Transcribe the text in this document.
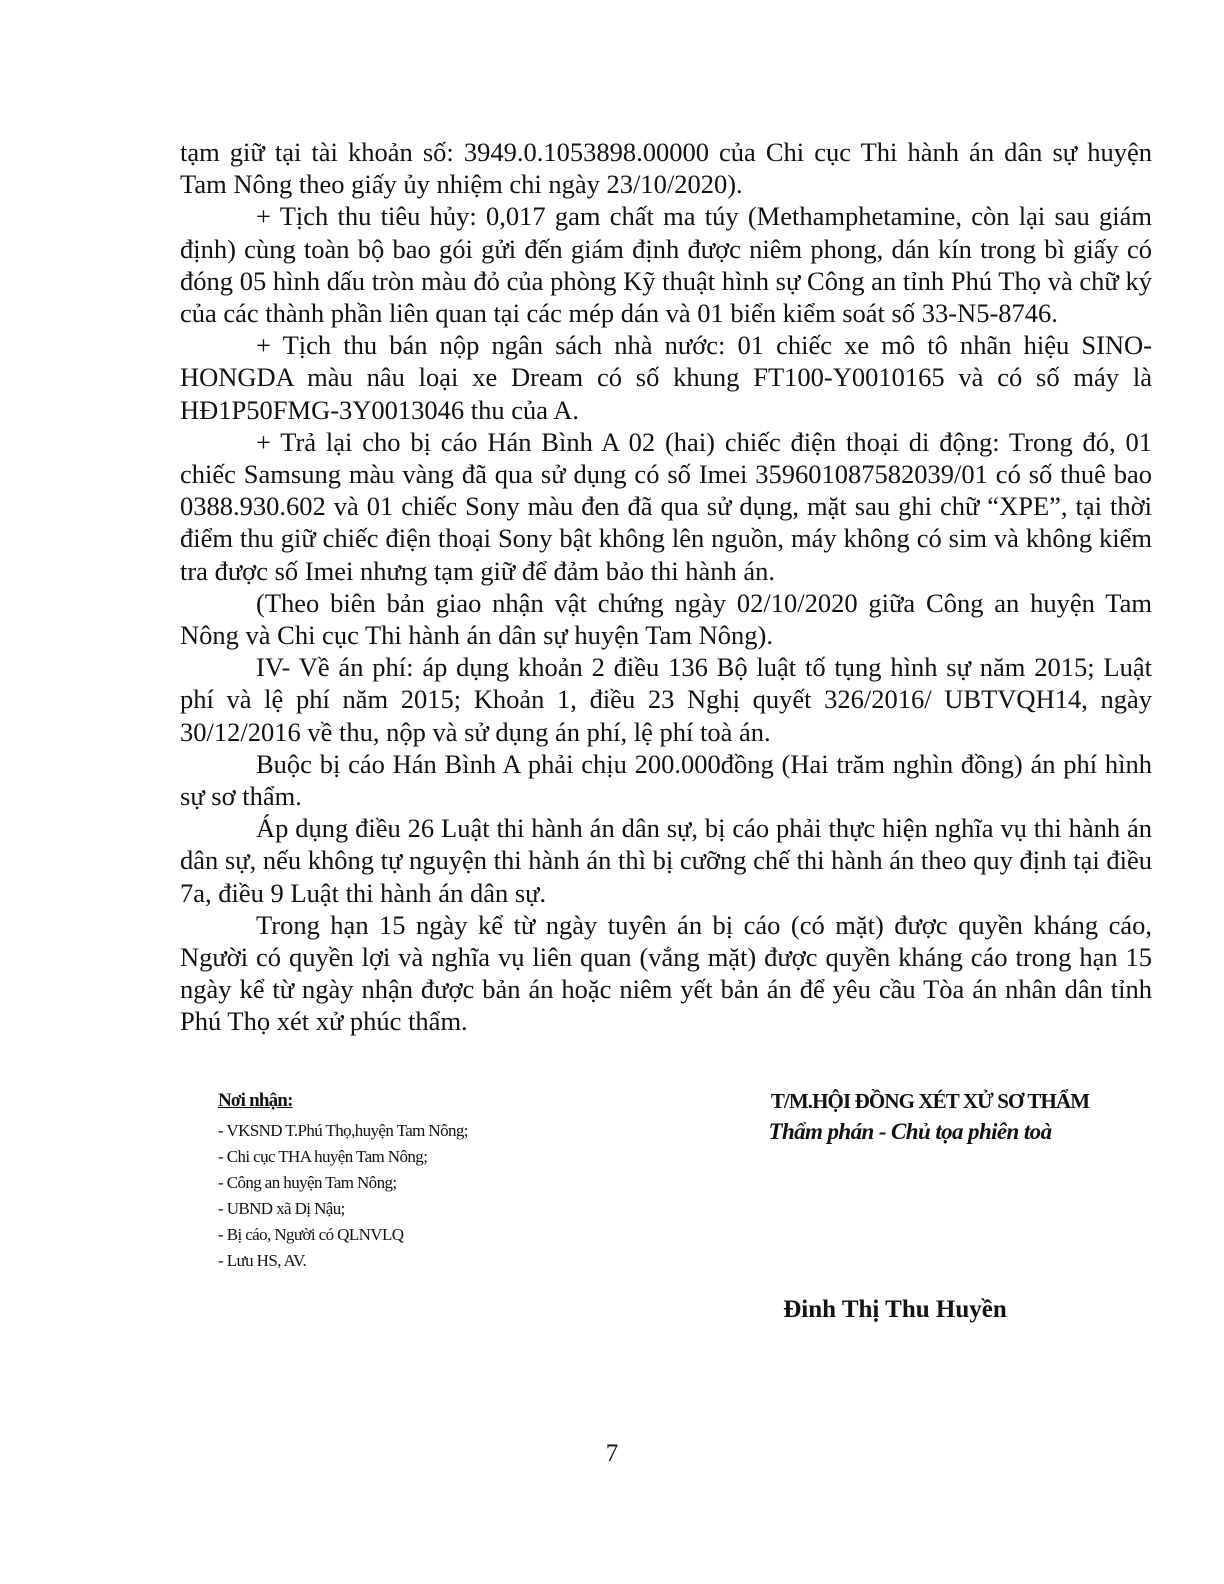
tạm giữ tại tài khoản số: 3949.0.1053898.00000 của Chi cục Thi hành án dân sự huyện Tam Nông theo giấy ủy nhiệm chi ngày 23/10/2020).

+ Tịch thu tiêu hủy: 0,017 gam chất ma túy (Methamphetamine, còn lại sau giám định) cùng toàn bộ bao gói gửi đến giám định được niêm phong, dán kín trong bì giấy có đóng 05 hình dấu tròn màu đỏ của phòng Kỹ thuật hình sự Công an tỉnh Phú Thọ và chữ ký của các thành phần liên quan tại các mép dán và 01 biển kiểm soát số 33-N5-8746.

+ Tịch thu bán nộp ngân sách nhà nước: 01 chiếc xe mô tô nhãn hiệu SINO-HONGDA màu nâu loại xe Dream có số khung FT100-Y0010165 và có số máy là HĐ1P50FMG-3Y0013046 thu của A.

+ Trả lại cho bị cáo Hán Bình A 02 (hai) chiếc điện thoại di động: Trong đó, 01 chiếc Samsung màu vàng đã qua sử dụng có số Imei 359601087582039/01 có số thuê bao 0388.930.602 và 01 chiếc Sony màu đen đã qua sử dụng, mặt sau ghi chữ “XPE”, tại thời điểm thu giữ chiếc điện thoại Sony bật không lên nguồn, máy không có sim và không kiểm tra được số Imei nhưng tạm giữ để đảm bảo thi hành án.

(Theo biên bản giao nhận vật chứng ngày 02/10/2020 giữa Công an huyện Tam Nông và Chi cục Thi hành án dân sự huyện Tam Nông).

IV- Về án phí: áp dụng khoản 2 điều 136 Bộ luật tố tụng hình sự năm 2015; Luật phí và lệ phí năm 2015; Khoản 1, điều 23 Nghị quyết 326/2016/ UBTVQH14, ngày 30/12/2016 về thu, nộp và sử dụng án phí, lệ phí toà án.

Buộc bị cáo Hán Bình A phải chịu 200.000đồng (Hai trăm nghìn đồng) án phí hình sự sơ thẩm.

Áp dụng điều 26 Luật thi hành án dân sự, bị cáo phải thực hiện nghĩa vụ thi hành án dân sự, nếu không tự nguyện thi hành án thì bị cưỡng chế thi hành án theo quy định tại điều 7a, điều 9 Luật thi hành án dân sự.

Trong hạn 15 ngày kể từ ngày tuyên án bị cáo (có mặt) được quyền kháng cáo, Người có quyền lợi và nghĩa vụ liên quan (vắng mặt) được quyền kháng cáo trong hạn 15 ngày kể từ ngày nhận được bản án hoặc niêm yết bản án để yêu cầu Tòa án nhân dân tỉnh Phú Thọ xét xử phúc thẩm.

Nơi nhận:
- VKSND T.Phú Thọ,huyện Tam Nông;
- Chi cục THA huyện Tam Nông;
- Công an huyện Tam Nông;
- UBND xã Dị Nậu;
- Bị cáo, Người có QLNVLQ
- Lưu HS, AV.
T/M.HỘI ĐỒNG XÉT XỬ SƠ THẨM
Thẩm phán - Chủ tọa phiên toà
Đinh Thị Thu Huyền
7
